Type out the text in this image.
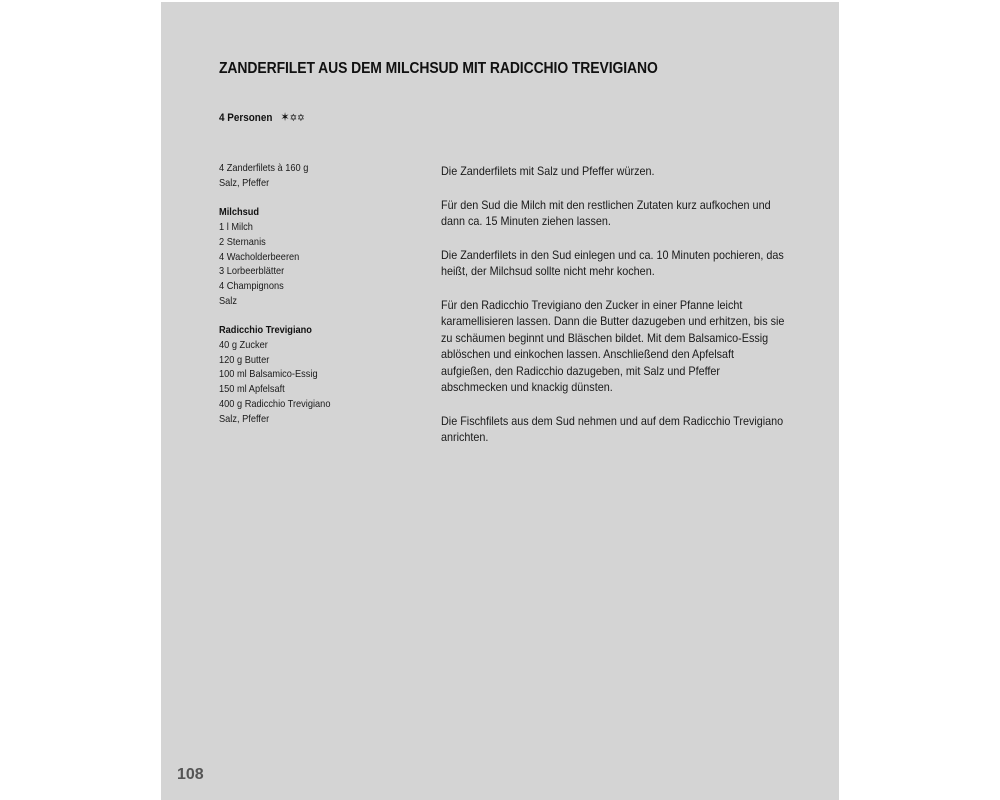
ZANDERFILET AUS DEM MILCHSUD MIT RADICCHIO TREVIGIANO
4 Personen ✶✡✡
4 Zanderfilets à 160 g
Salz, Pfeffer
Milchsud
1 l Milch
2 Sternanis
4 Wacholderbeeren
3 Lorbeerblätter
4 Champignons
Salz
Radicchio Trevigiano
40 g Zucker
120 g Butter
100 ml Balsamico-Essig
150 ml Apfelsaft
400 g Radicchio Trevigiano
Salz, Pfeffer

Die Zanderfilets mit Salz und Pfeffer würzen.

Für den Sud die Milch mit den restlichen Zutaten kurz aufkochen und dann ca. 15 Minuten ziehen lassen.

Die Zanderfilets in den Sud einlegen und ca. 10 Minuten pochieren, das heißt, der Milchsud sollte nicht mehr kochen.

Für den Radicchio Trevigiano den Zucker in einer Pfanne leicht karamellisieren lassen. Dann die Butter dazugeben und erhitzen, bis sie zu schäumen beginnt und Bläschen bildet. Mit dem Balsamico-Essig ablöschen und einkochen lassen. Anschließend den Apfelsaft aufgießen, den Radicchio dazugeben, mit Salz und Pfeffer abschmecken und knackig dünsten.

Die Fischfilets aus dem Sud nehmen und auf dem Radicchio Trevigiano anrichten.

108
